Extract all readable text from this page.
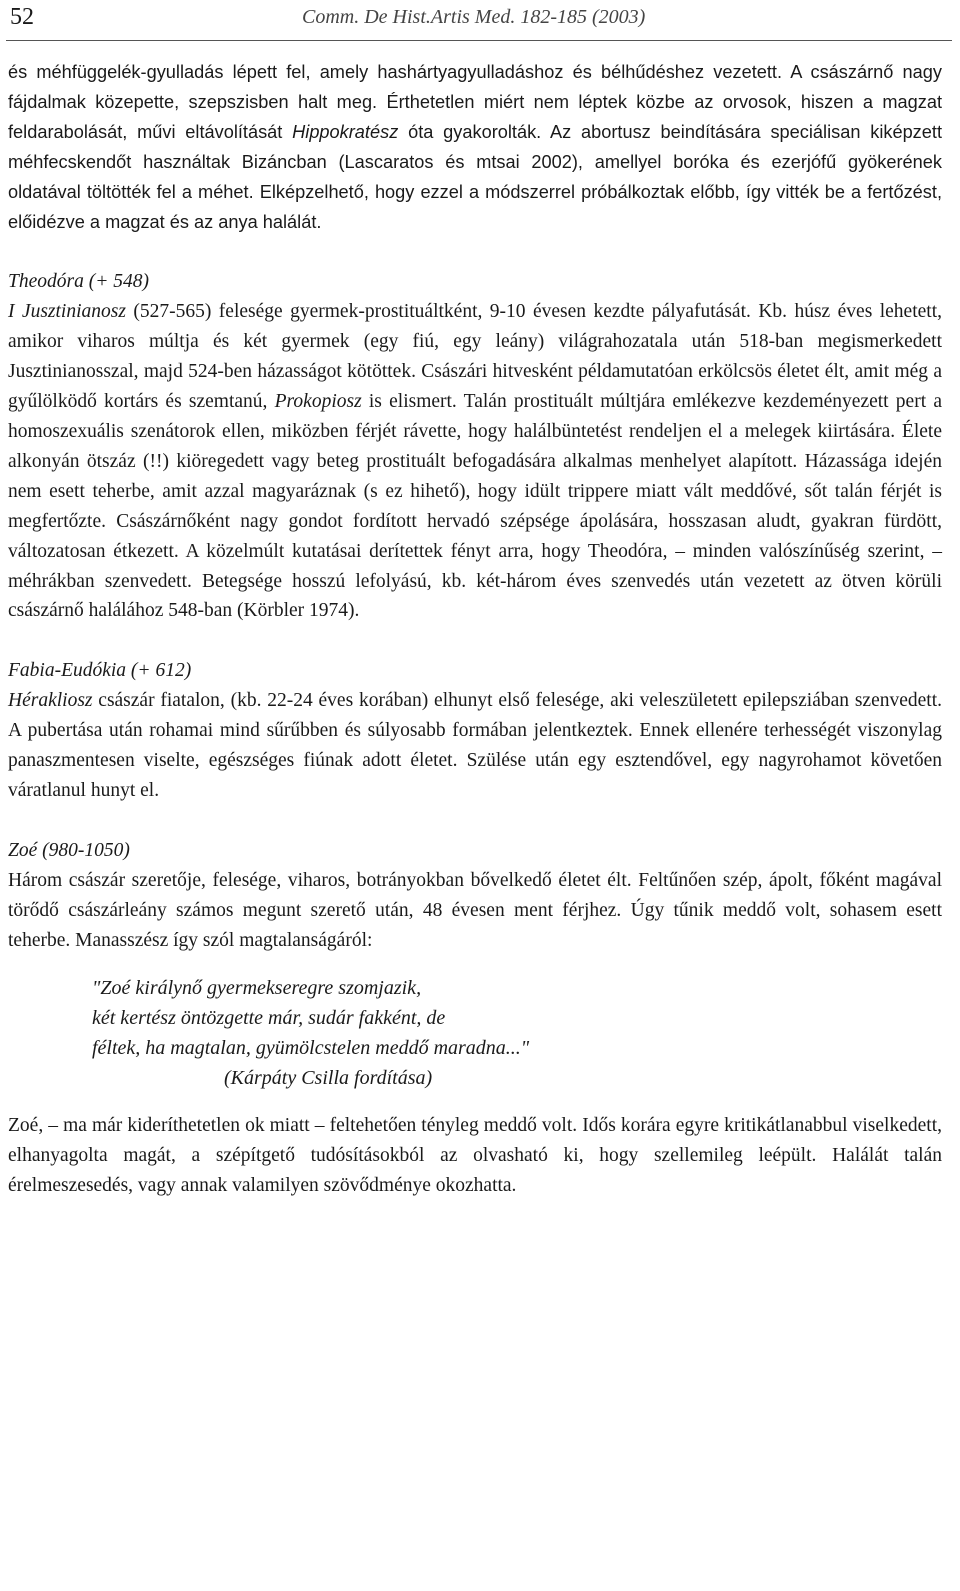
52	Comm. De Hist.Artis Med. 182-185 (2003)

és méhfüggelék-gyulladás lépett fel, amely hashártyagyulladáshoz és bélhűdéshez vezetett. A császárnő nagy fájdalmak közepette, szepszisben halt meg. Érthetetlen miért nem léptek közbe az orvosok, hiszen a magzat feldarabolását, művi eltávolítását Hippokratész óta gyakorolták. Az abortusz beindítására speciálisan kiképzett méhfecskendőt használtak Bizáncban (Lascaratos és mtsai 2002), amellyel boróka és ezerjófű gyökerének oldatával töltötték fel a méhet. Elképzelhető, hogy ezzel a módszerrel próbálkoztak előbb, így vitték be a fertőzést, előidézve a magzat és az anya halálát.

Theodóra (+ 548)

I Jusztinianosz (527-565) felesége gyermek-prostituáltként, 9-10 évesen kezdte pályafutását. Kb. húsz éves lehetett, amikor viharos múltja és két gyermek (egy fiú, egy leány) világrahozatala után 518-ban megismerkedett Jusztinianosszal, majd 524-ben házasságot kötöttek. Császári hitvesként példamutatóan erkölcsös életet élt, amit még a gyűlölködő kortárs és szemtanú, Prokopiosz is elismert. Talán prostituált múltjára emlékezve kezdeményezett pert a homoszexuális szenátorok ellen, miközben férjét rávette, hogy halálbüntetést rendeljen el a melegek kiirtására. Élete alkonyán ötszáz (!!) kiöregedett vagy beteg prostituált befogadására alkalmas menhelyet alapított. Házassága idején nem esett teherbe, amit azzal magyaráznak (s ez hihető), hogy idült trippere miatt vált meddővé, sőt talán férjét is megfertőzte. Császárnőként nagy gondot fordított hervadó szépsége ápolására, hosszasan aludt, gyakran fürdött, változatosan étkezett. A közelmúlt kutatásai derítettek fényt arra, hogy Theodóra, – minden valószínűség szerint, – méhrákban szenvedett. Betegsége hosszú lefolyású, kb. két-három éves szenvedés után vezetett az ötven körüli császárnő halálához 548-ban (Körbler 1974).

Fabia-Eudókia (+ 612)

Hérakliosz császár fiatalon, (kb. 22-24 éves korában) elhunyt első felesége, aki veleszületett epilepsziában szenvedett. A pubertása után rohamai mind sűrűbben és súlyosabb formában jelentkeztek. Ennek ellenére terhességét viszonylag panaszmentesen viselte, egészséges fiúnak adott életet. Szülése után egy esztendővel, egy nagyrohamot követően váratlanul hunyt el.

Zoé (980-1050)

Három császár szeretője, felesége, viharos, botrányokban bővelkedő életet élt. Feltűnően szép, ápolt, főként magával törődő császárleány számos megunt szerető után, 48 évesen ment férjhez. Úgy tűnik meddő volt, sohasem esett teherbe. Manasszész így szól magtalanságáról:

"Zoé királynő gyermekseregre szomjazik,
két kertész öntözgette már, sudár fakként, de
féltek, ha magtalan, gyümölcstelen meddő maradna..."
(Kárpáty Csilla fordítása)

Zoé, – ma már kideríthetetlen ok miatt – feltehetően tényleg meddő volt. Idős korára egyre kritikátlanabbul viselkedett, elhanyagolta magát, a szépítgető tudósításokból az olvasható ki, hogy szellemileg leépült. Halálát talán érelmeszesedés, vagy annak valamilyen szövődménye okozhatta.
